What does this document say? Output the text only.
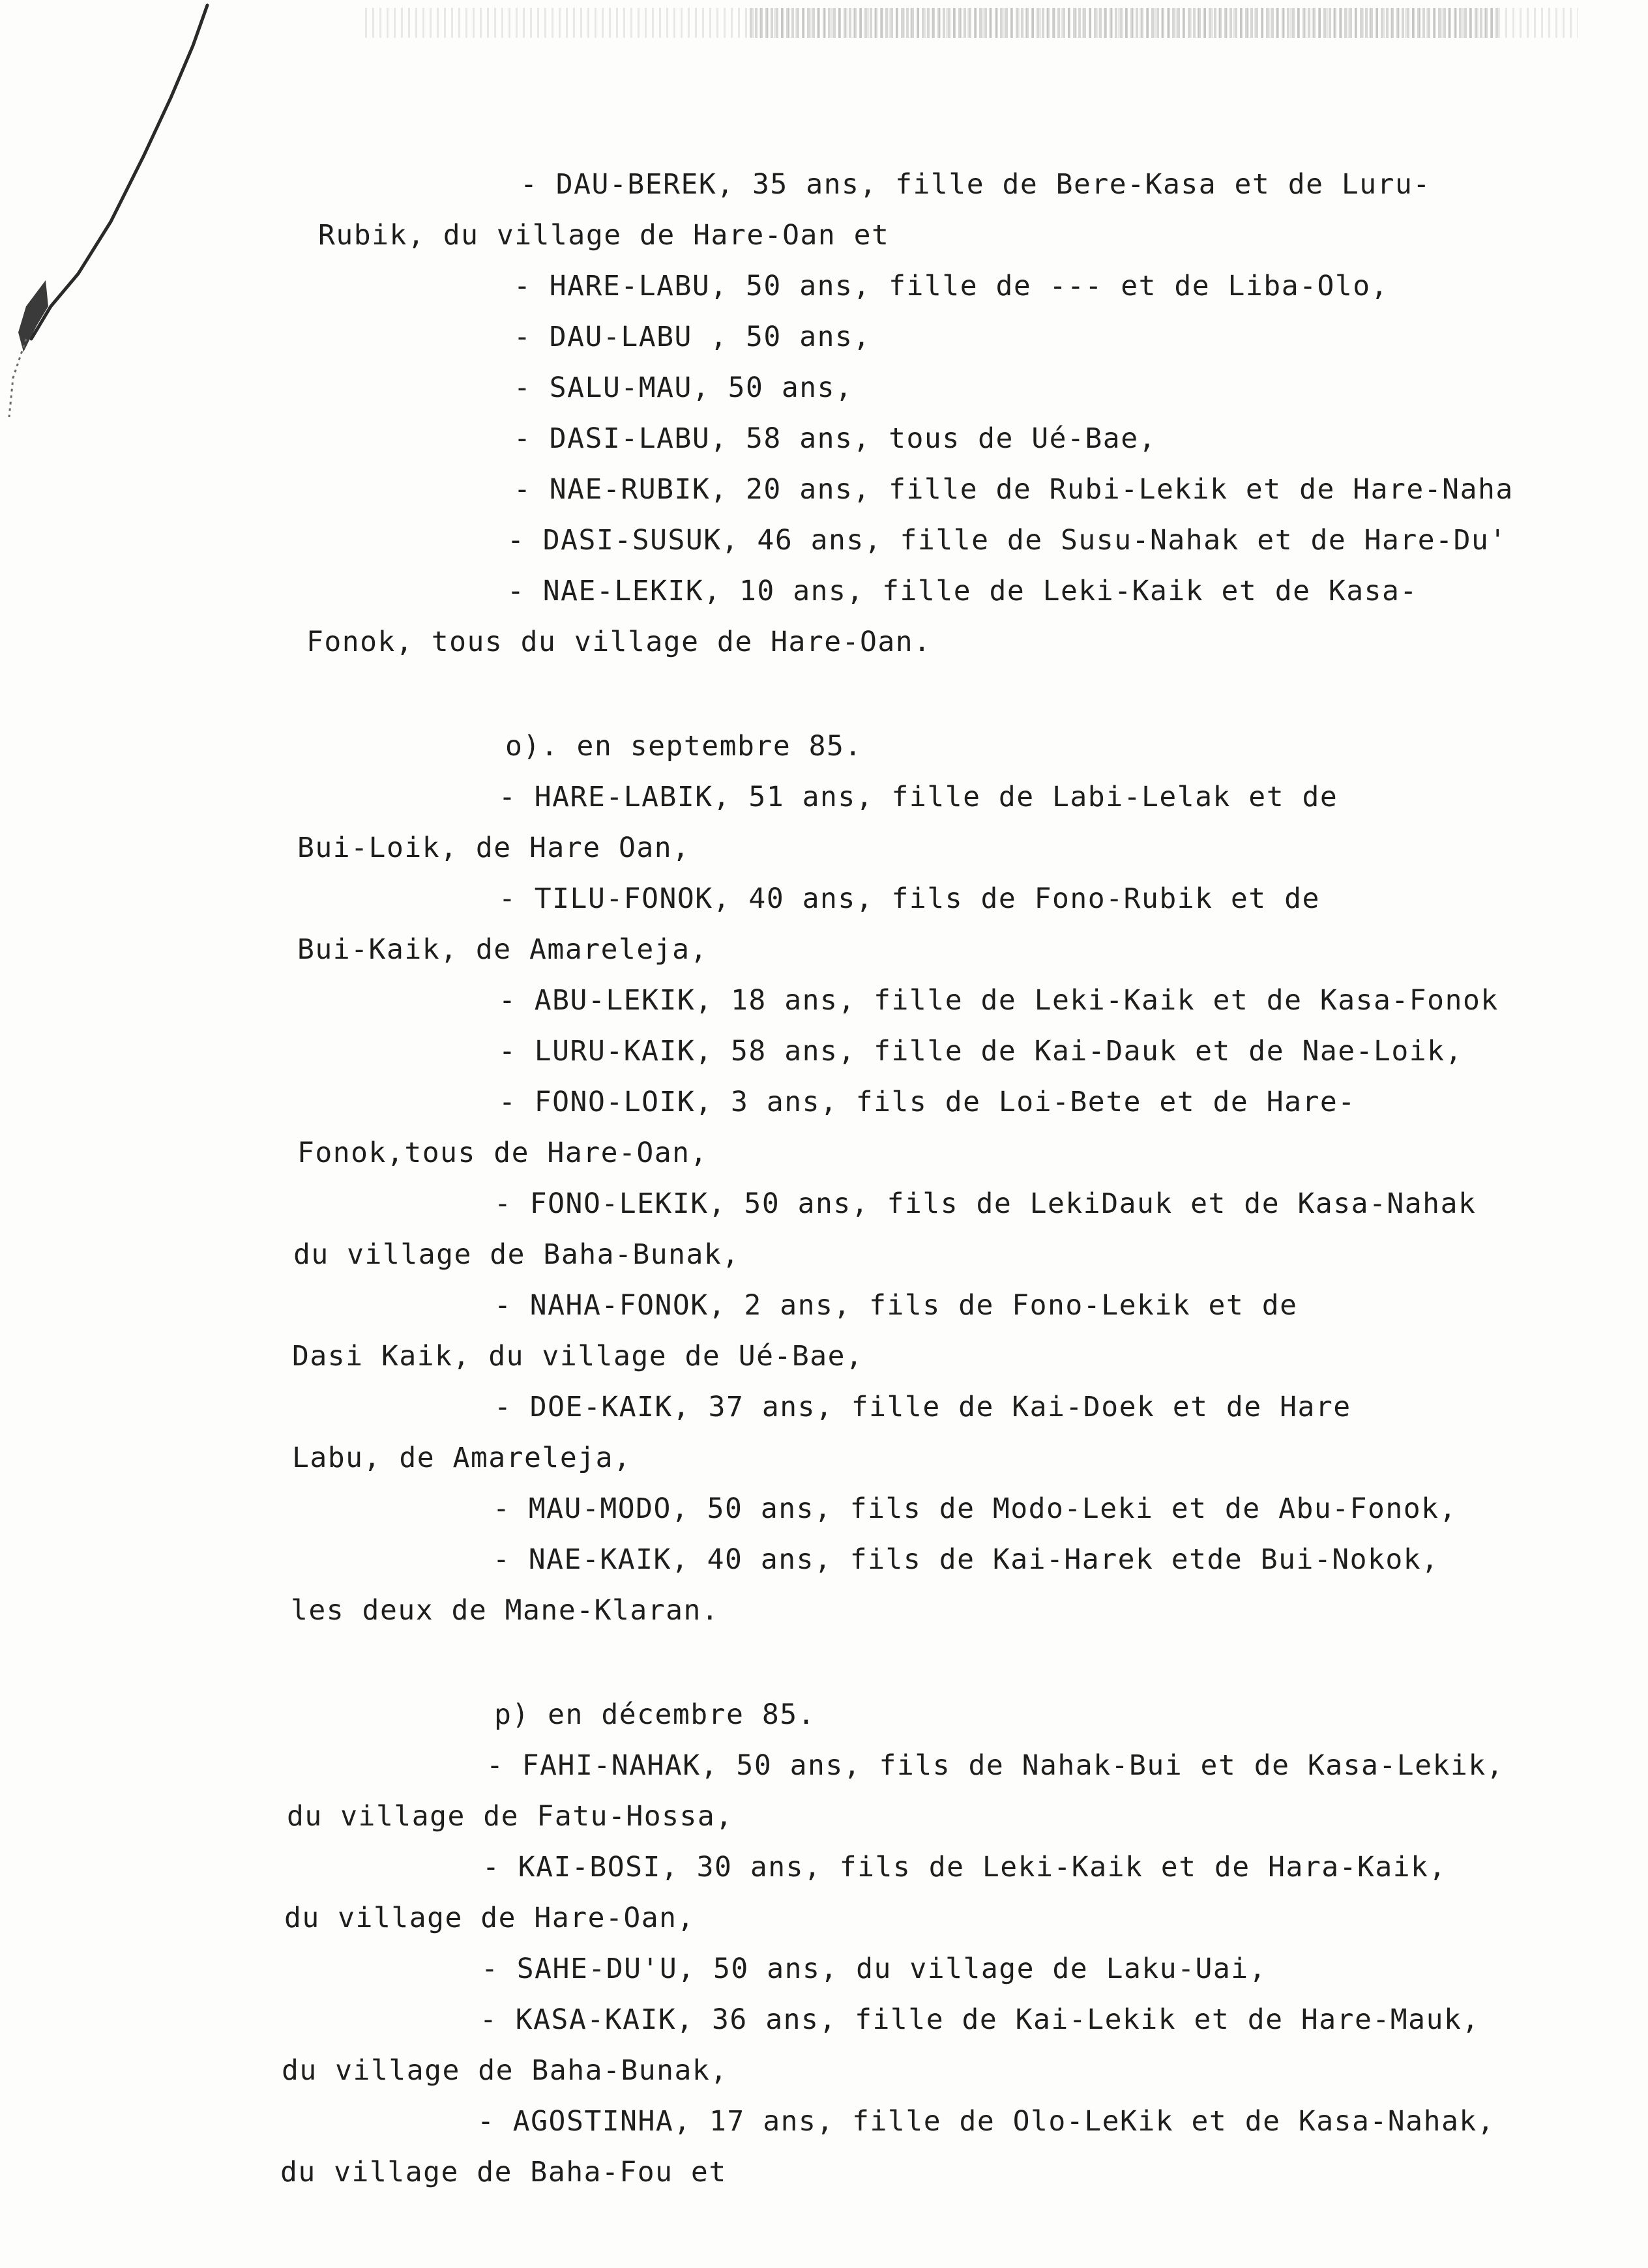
- DAU-BEREK, 35 ans, fille de Bere-Kasa et de Luru-
Rubik, du village de Hare-Oan et
- HARE-LABU, 50 ans, fille de --- et de Liba-Olo,
- DAU-LABU , 50 ans,
- SALU-MAU, 50 ans,
- DASI-LABU, 58 ans, tous de Ué-Bae,
- NAE-RUBIK, 20 ans, fille de Rubi-Lekik et de Hare-Naha
- DASI-SUSUK, 46 ans, fille de Susu-Nahak et de Hare-Du'
- NAE-LEKIK, 10 ans, fille de Leki-Kaik et de Kasa-
Fonok, tous du village de Hare-Oan.
o). en septembre 85.
- HARE-LABIK, 51 ans, fille de Labi-Lelak et de
Bui-Loik, de Hare Oan,
- TILU-FONOK, 40 ans, fils de Fono-Rubik et de
Bui-Kaik, de Amareleja,
- ABU-LEKIK, 18 ans, fille de Leki-Kaik et de Kasa-Fonok
- LURU-KAIK, 58 ans, fille de Kai-Dauk et de Nae-Loik,
- FONO-LOIK, 3 ans, fils de Loi-Bete et de Hare-
Fonok,tous de Hare-Oan,
- FONO-LEKIK, 50 ans, fils de LekiDauk et de Kasa-Nahak
du village de Baha-Bunak,
- NAHA-FONOK, 2 ans, fils de Fono-Lekik et de
Dasi Kaik, du village de Ué-Bae,
- DOE-KAIK, 37 ans, fille de Kai-Doek et de Hare
Labu, de Amareleja,
- MAU-MODO, 50 ans, fils de Modo-Leki et de Abu-Fonok,
- NAE-KAIK, 40 ans, fils de Kai-Harek etde Bui-Nokok,
les deux de Mane-Klaran.
p) en décembre 85.
- FAHI-NAHAK, 50 ans, fils de Nahak-Bui et de Kasa-Lekik,
du village de Fatu-Hossa,
- KAI-BOSI, 30 ans, fils de Leki-Kaik et de Hara-Kaik,
du village de Hare-Oan,
- SAHE-DU'U, 50 ans, du village de Laku-Uai,
- KASA-KAIK, 36 ans, fille de Kai-Lekik et de Hare-Mauk,
du village de Baha-Bunak,
- AGOSTINHA, 17 ans, fille de Olo-LeKik et de Kasa-Nahak,
du village de Baha-Fou et
